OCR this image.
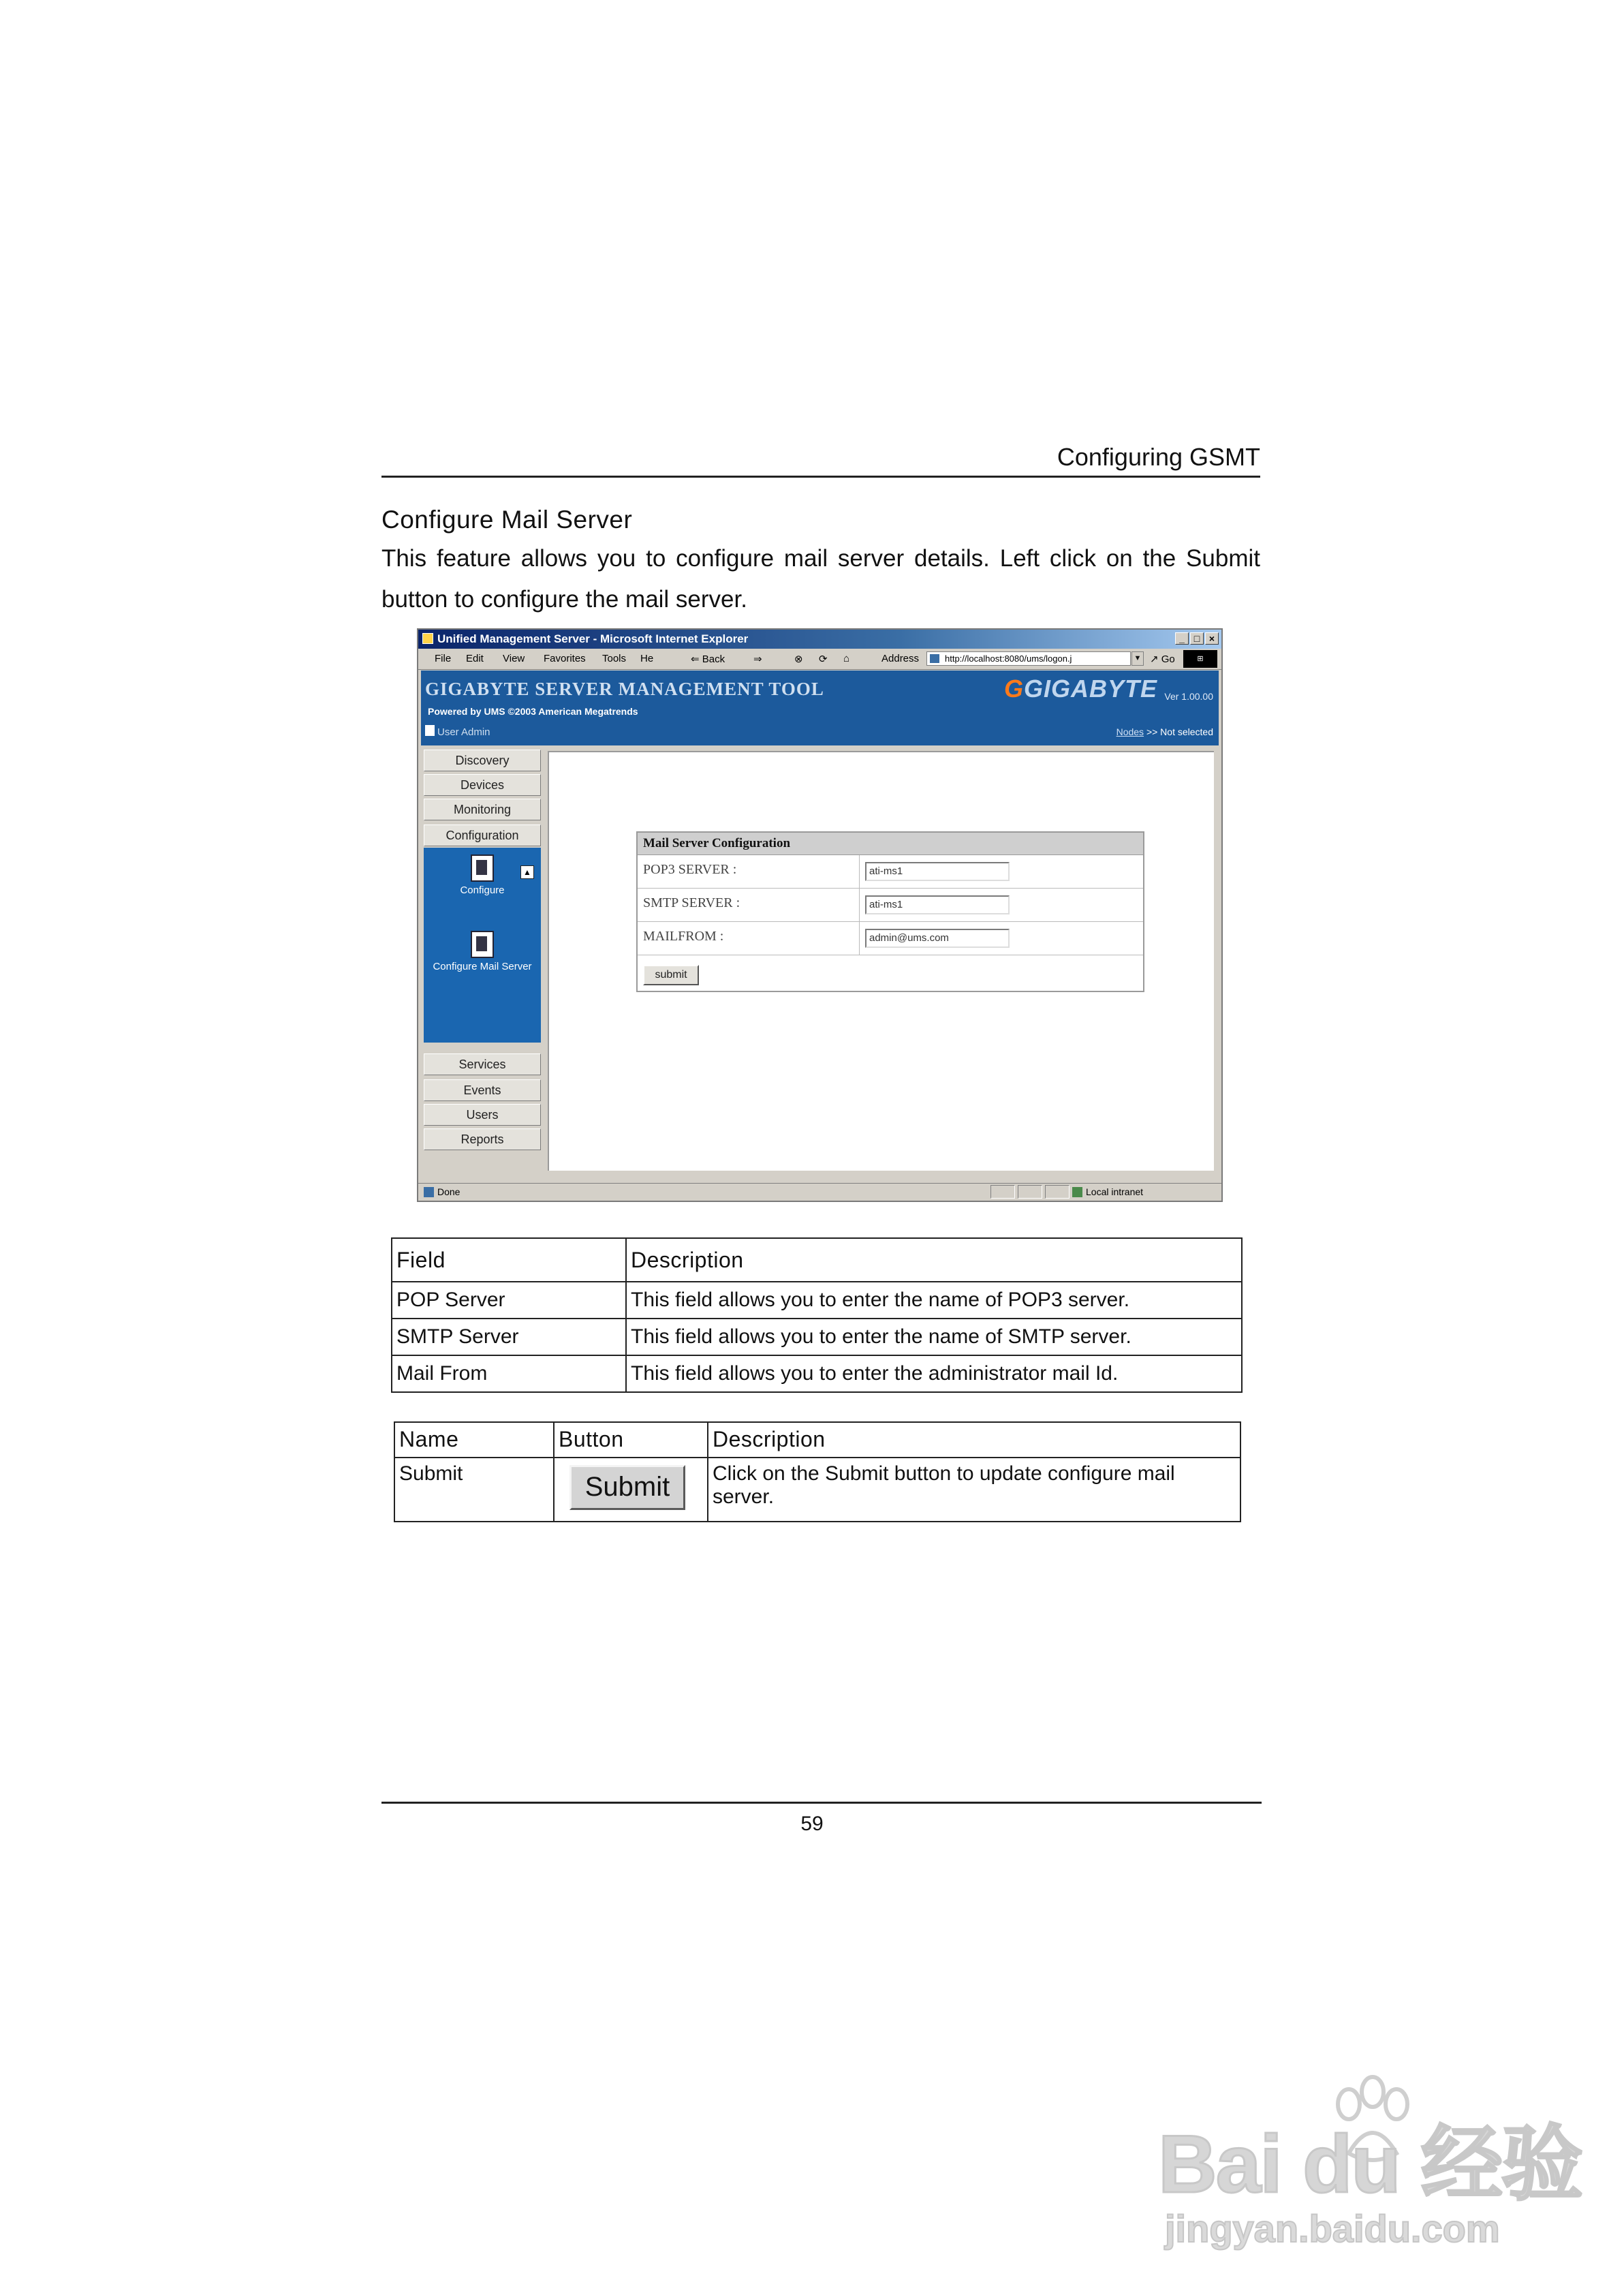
Configuring GSMT
Configure Mail Server
This feature allows you to configure mail server details. Left click on the Submit button to configure the mail server.
Unified Management Server - Microsoft Internet Explorer	_ □ ×
File Edit View Favorites Tools He	⇐ Back	⇒	⊗ ⟳ ⌂	Address	http://localhost:8080/ums/logon.j	▼ ↗ Go	⊞
GIGABYTE SERVER MANAGEMENT TOOL
Powered by UMS ©2003 American Megatrends
User Admin
GGIGABYTE Ver 1.00.00
Nodes >> Not selected
Discovery
Devices
Monitoring
Configuration
Configure
▲
Configure Mail Server
Services
Events
Users
Reports
Mail Server Configuration
POP3 SERVER :	ati-ms1
SMTP SERVER :	ati-ms1
MAILFROM :	admin@ums.com
submit
Done	Local intranet
Field	Description
POP Server	This field allows you to enter the name of POP3 server.
SMTP Server	This field allows you to enter the name of SMTP server.
Mail From	This field allows you to enter the administrator mail Id.
Name	Button	Description
Submit	Submit	Click on the Submit button to update configure mail server.
59
Bai du 经验
jingyan.baidu.com
